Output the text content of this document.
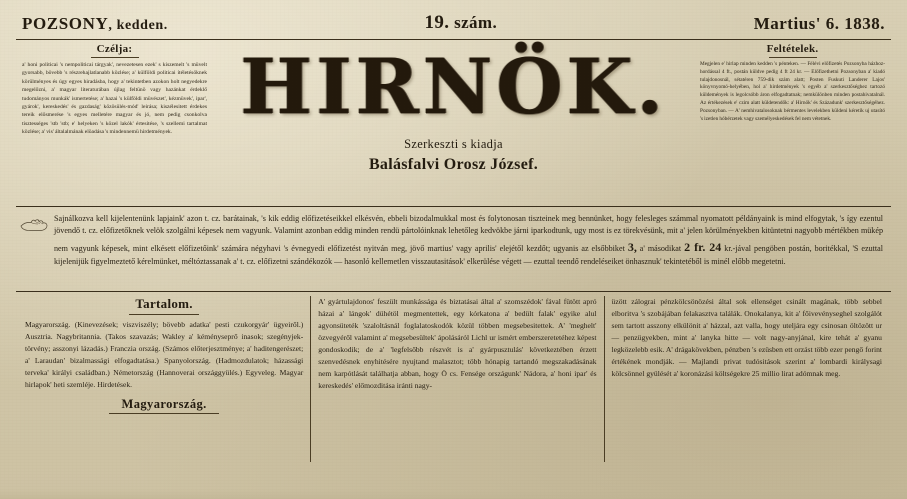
POZSONY, kedden.	19. szám.	Martius' 6. 1838.
Czélja:
a' honi politicai 's nempoliticai tárgyak', nevezetesen ezek' s kiszemelt 's müvelt gyorsabb, bövebb 's részrehajlatlanabb közlése; a' külföldi politicai ítéletésöknek körülményes és úgy egyes hiradásba, hogy a' tekintetben azokon holt negyedekre megelőzni, a' magyar literaturában újlag feltünö vagy hazánkat érdeklő tudományos munkák' ismertetése; a' hazai 's külföldi müvészet', kézmüvek', ipar', gyárok', kereskedés' és gazdaság' közösülés-mód' leirása; kiszélesitett érdekes tereik elősmerése 's egyes melletére magyar és jó, nem pedig csonkolva tisztességes 'stb 'stb; e' helyeken 's közel lakók' értesitése, 's szellemi tartalmat közlése; a' vis' általalmának elöadása 's mindennemü hirdetmények.
HIRNÖK.
Szerkeszti s kiadja
Balásfalvi Orosz József.
Feltételek.
Megjelen e' hirlap minden kedden 's pénteken. — Félévi előfizetés Pozsonyba házhoz-hordással 4 ft., postán küldve pedig 4 ft 24 kr. — Előfizethetni Pozsonyban a' kiadó tulajdonosnál, sétatéren 759-dik szám alatt; Posten Fuskuti Landerer Lajos' könyvnyomó-helyében, hol a' hirdetmények 's egyéb a' szerkesztőséghez tartozó küldemények is legolcsóbb áron elfogadtatnak; nemkülönben minden postahivatalnál. Az értékezések e' czim alatt küldetendők: a' Hirnök' és Századunk' szerkesztőségéhez. Pozsonyban. — A' nemhivatalosoknak bérmentes levelekben küldeni kéretik uj utasító 's izetlen hóbérzetek vagy személyeskedések fel nem vétetnek.
Sajnálkozva kell kijelentenünk lapjaink' azon t. cz. barátainak, 's kik eddig előfizetéseikkel elkésvén, ebbeli bizodalmukkal most és folytonosan tiszteinek meg bennünket, hogy felesleges számmal nyomatott példányaink is mind elfogytak, 's így ezentul jövendő t. cz. előfizetőknek velök szolgálni képesek nem vagyunk. Valamint azonban eddig minden rendü pártolóinknak lehetőleg kedvökbe járni iparkodtunk, ugy most is ez törekvésünk, mit a' jelen körülményekben kitüntetni nagyobb mértékben mükép nem vagyunk képesek, mint elkésett előfizetőink' számára négyhavi 's évnegyedi előfizetést nyitván meg, jövő martius' vagy aprilis' elejétől kezdőt; ugyanis az elsőbbiket 3, a' másodikat 2 fr. 24 kr.-jával pengöben postán, boritékkal, 'S ezuttal kijelenijük figyelmeztető kérelmünket, méltóztassanak a' t. cz. előfizetni szándékozók — hasonló kellemetlen visszautasitások' elkerülése végett — ezuttal teendő rendeléseiket önhasznuk' tekintetéből is minél előbb megetetni.
Tartalom.
Magyarország. (Kinevezések; viszviszély; bövebb adatka' pesti czukorgyár' ügyeiről.) Ausztria. Nagybritannia. (Takos szavazás; Wakley a' kéményseprő inasok; szegényjek-törvény; asszonyi lázadás.) Franczia ország. (Számos előterjesztménye; a' haditengerészet; a' Laraudan' bizalmassági elfogadtatása.) Spanyolország. (Hadmozdulatok; házassági terveka' királyi családban.) Németország (Hannoverai országgyülés.) Egyveleg. Magyar hirlapok' heti szemléje. Hirdetések.
Magyarország.
A' gyártulajdonos' feszült munkássága és biztatásai által a' szomszédok' fával fütött apró házai a' lángok' dühétöl megmentettek, egy kórkatona a' bedült falak' egyike alul agyonsüteték 'szaloltásnál foglalatoskodók közül többen megsebesitettek. A' 'meghelt' özvegyéről valamint a' megsebesültek' ápolásáról Lichl ur ismért emberszeretetéhez képest gondoskodik; de a' 'legfelsőbb részvét is a' gyárpusztulás' következtében érzett szenvedésnek enyhitésére nyujtand malasztot; több hónapig tartandó megszakadásának nem karpótlását találhatja abban, hogy Ö cs. Fensége országunk' Nádora, a' honi ipar' és kereskedés' előmozditása iránti nagy-
üzött zálograi pénzkölcsönözési által sok ellenséget csinált magának, több sebbel elboritva 's szobájában felakasztva találák. Onokalanya, kit a' főivevényseghel szolgálót sem tartott asszony elkülönit a' házzal, azt valla, hogy uteljára egy csinosan öltözött ur — penzügyekben, mint a' lanyka hitte — volt nagy-anyjánal, kire tehát a' gyanu legközelebb esik. A' drágakövekben, pénzben 's ezüsben ett orzást több ezer pengő forint értékének mondják. — Majlandi privat tudósitások szerint a' lombardi királysagi kölcsönnel gyülését a' koronázási költségekre 25 millio lirat adómnak meg.
